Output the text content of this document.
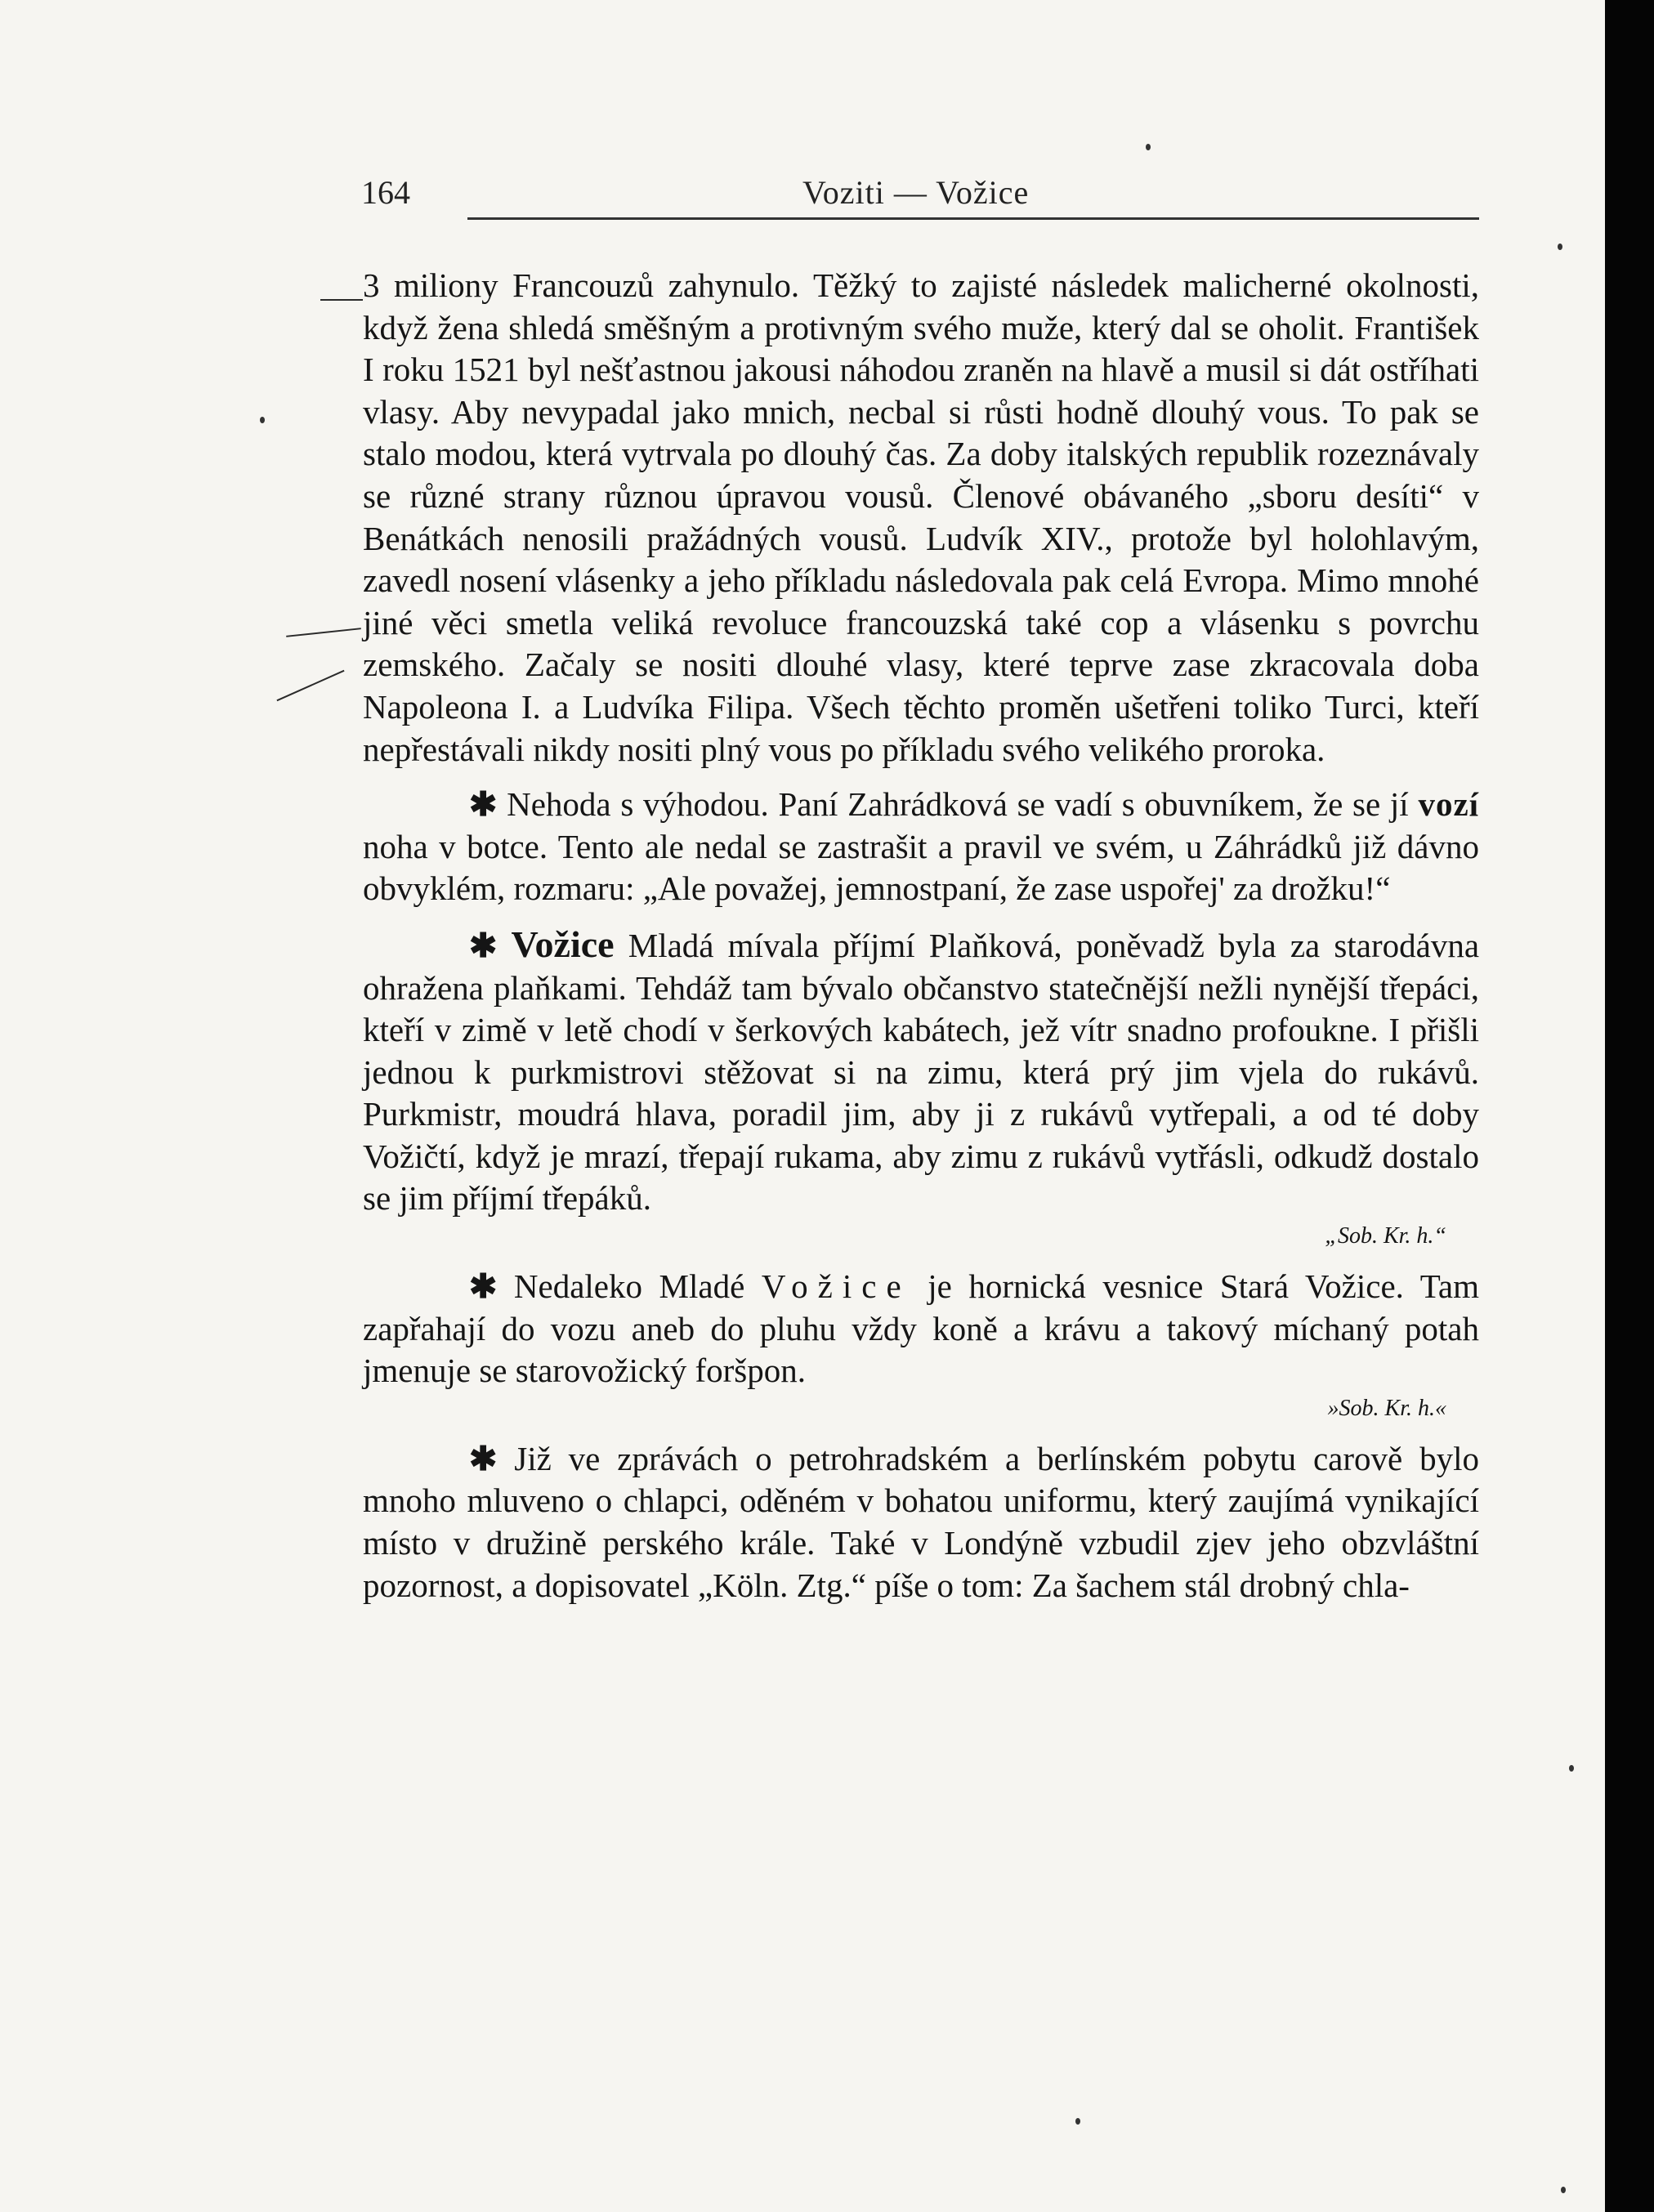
164	Voziti — Vožice

3 miliony Francouzů zahynulo. Těžký to zajisté následek malicherné okolnosti, když žena shledá směšným a protivným svého muže, který dal se oholit. František I roku 1521 byl nešťastnou jakousi náhodou zraněn na hlavě a musil si dát ostříhati vlasy. Aby nevypadal jako mnich, necbal si růsti hodně dlouhý vous. To pak se stalo modou, která vytrvala po dlouhý čas. Za doby italských republik rozeznávaly se různé strany různou úpravou vousů. Členové obávaného „sboru desíti“ v Benátkách nenosili pražádných vousů. Ludvík XIV., protože byl holohlavým, zavedl nosení vlásenky a jeho příkladu následovala pak celá Evropa. Mimo mnohé jiné věci smetla veliká revoluce francouzská také cop a vlásenku s povrchu zemského. Začaly se nositi dlouhé vlasy, které teprve zase zkracovala doba Napoleona I. a Ludvíka Filipa. Všech těchto proměn ušetřeni toliko Turci, kteří nepřestávali nikdy nositi plný vous po příkladu svého velikého proroka.

✱ Nehoda s výhodou. Paní Zahrádková se vadí s obuvníkem, že se jí vozí noha v botce. Tento ale nedal se zastrašit a pravil ve svém, u Záhrádků již dávno obvyklém, rozmaru: „Ale považej, jemnostpaní, že zase uspořej' za drožku!“

✱ Vožice Mladá mívala příjmí Plaňková, poněvadž byla za starodávna ohražena plaňkami. Tehdáž tam bývalo občanstvo statečnější nežli nynější třepáci, kteří v zimě v letě chodí v šerkových kabátech, jež vítr snadno profoukne. I přišli jednou k purkmistrovi stěžovat si na zimu, která prý jim vjela do rukávů. Purkmistr, moudrá hlava, poradil jim, aby ji z rukávů vytřepali, a od té doby Vožičtí, když je mrazí, třepají rukama, aby zimu z rukávů vytřásli, odkudž dostalo se jim příjmí třepáků.

„Sob. Kr. h.“

✱ Nedaleko Mladé Vožice je hornická vesnice Stará Vožice. Tam zapřahají do vozu aneb do pluhu vždy koně a krávu a takový míchaný potah jmenuje se starovožický foršpon.

»Sob. Kr. h.«

✱ Již ve zprávách o petrohradském a berlínském pobytu carově bylo mnoho mluveno o chlapci, oděném v bohatou uniformu, který zaujímá vynikající místo v družině perského krále. Také v Londýně vzbudil zjev jeho obzvláštní pozornost, a dopisovatel „Köln. Ztg.“ píše o tom: Za šachem stál drobný chla-
